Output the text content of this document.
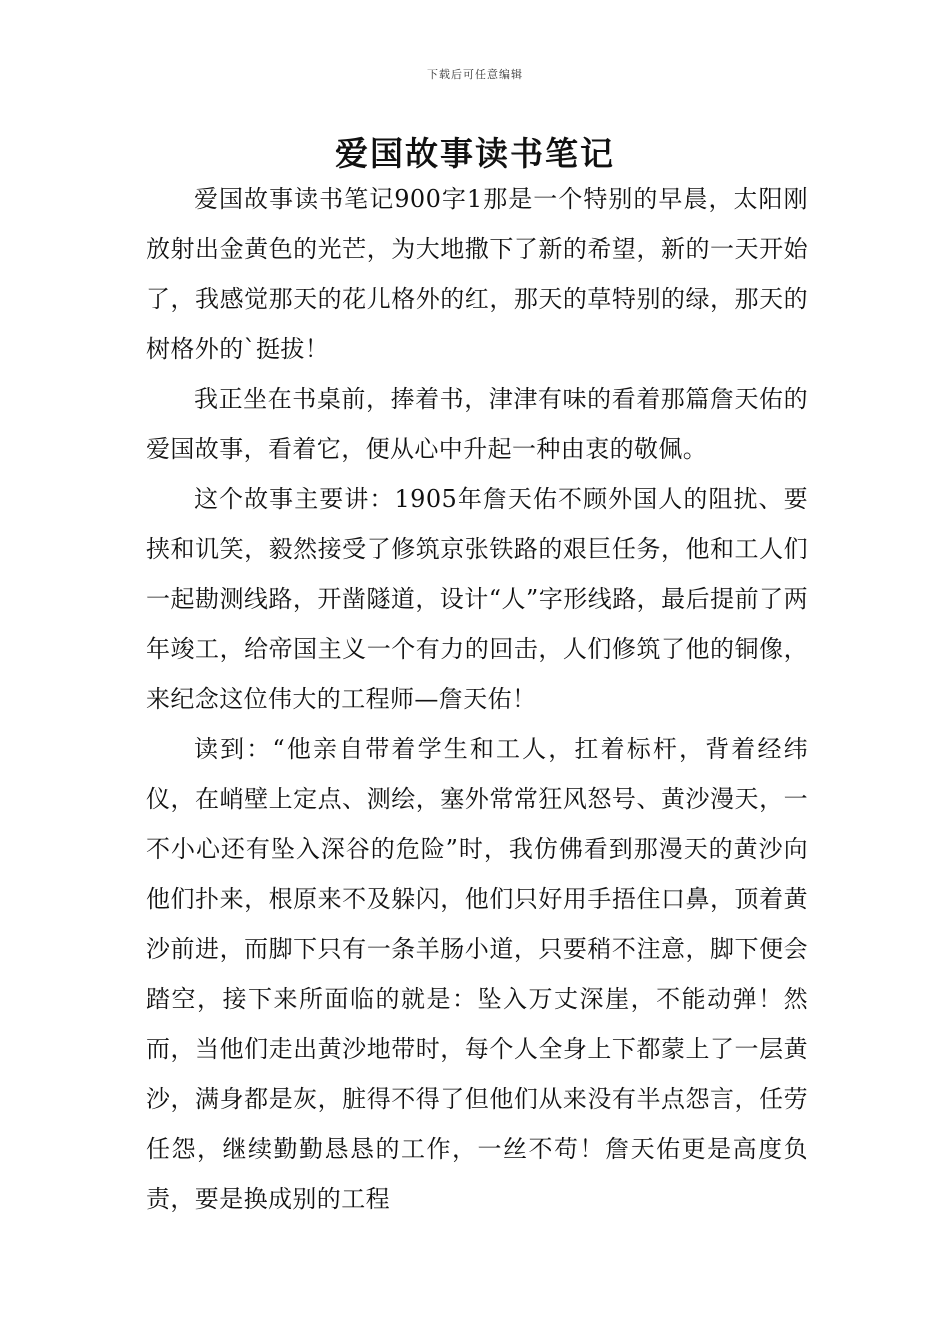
下载后可任意编辑
爱国故事读书笔记

爱国故事读书笔记900字1那是一个特别的早晨，太阳刚放射出金黄色的光芒，为大地撒下了新的希望，新的一天开始了，我感觉那天的花儿格外的红，那天的草特别的绿，那天的树格外的`挺拔！

我正坐在书桌前，捧着书，津津有味的看着那篇詹天佑的爱国故事，看着它，便从心中升起一种由衷的敬佩。

这个故事主要讲：1905年詹天佑不顾外国人的阻扰、要挟和讥笑，毅然接受了修筑京张铁路的艰巨任务，他和工人们一起勘测线路，开凿隧道，设计“人”字形线路，最后提前了两年竣工，给帝国主义一个有力的回击，人们修筑了他的铜像，来纪念这位伟大的工程师—詹天佑！

读到：“他亲自带着学生和工人，扛着标杆，背着经纬仪，在峭壁上定点、测绘，塞外常常狂风怒号、黄沙漫天，一不小心还有坠入深谷的危险”时，我仿佛看到那漫天的黄沙向他们扑来，根原来不及躲闪，他们只好用手捂住口鼻，顶着黄沙前进，而脚下只有一条羊肠小道，只要稍不注意，脚下便会踏空，接下来所面临的就是：坠入万丈深崖，不能动弹！然而，当他们走出黄沙地带时，每个人全身上下都蒙上了一层黄沙，满身都是灰，脏得不得了但他们从来没有半点怨言，任劳任怨，继续勤勤恳恳的工作，一丝不苟！詹天佑更是高度负责，要是换成别的工程
